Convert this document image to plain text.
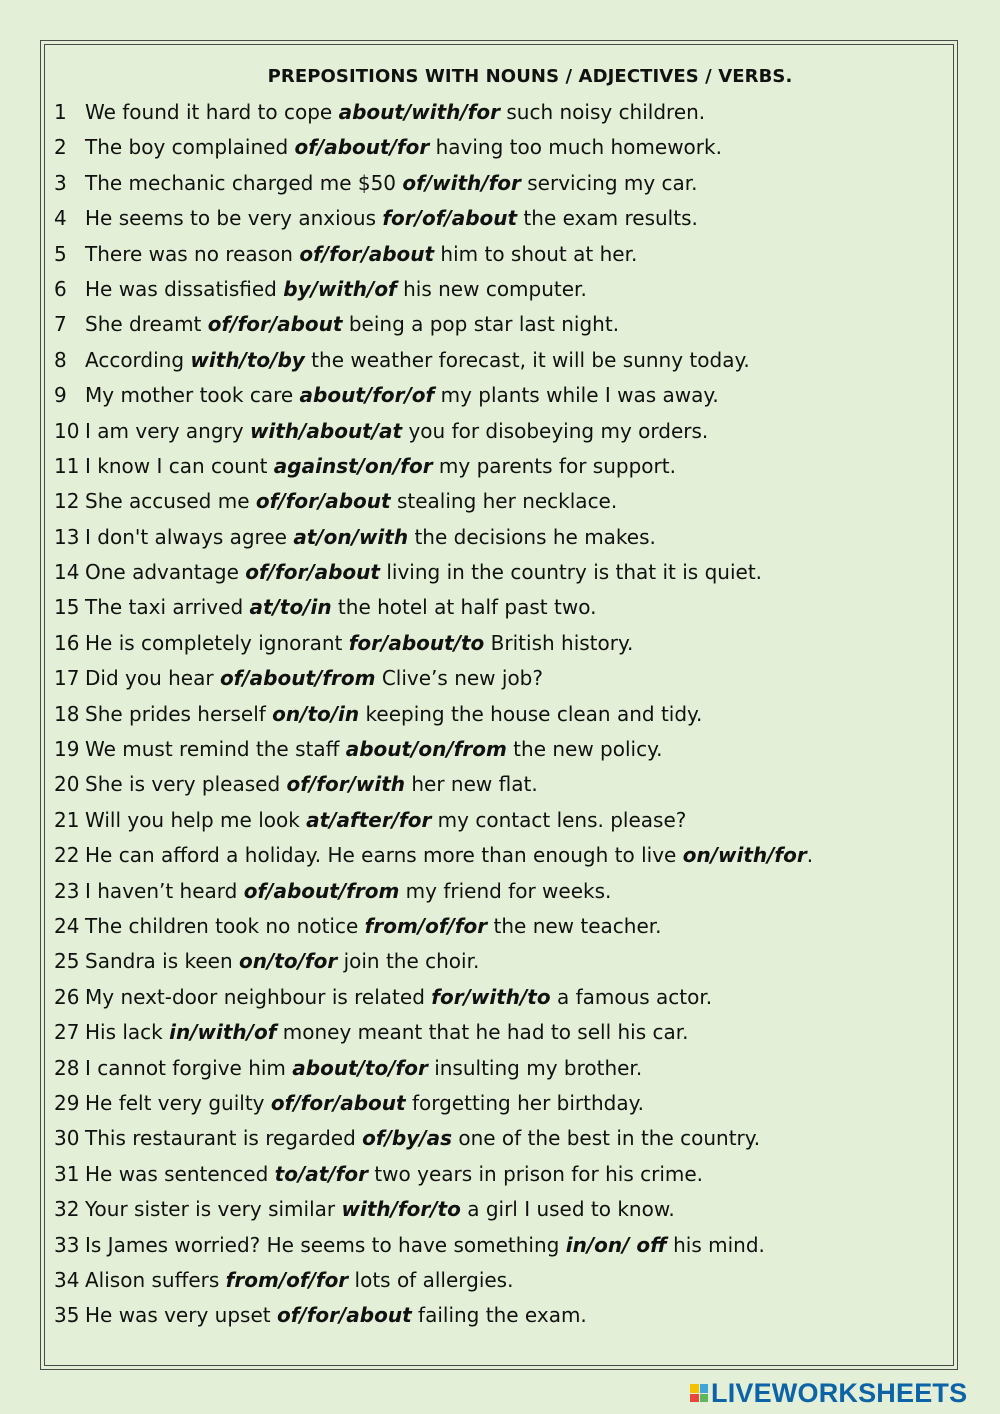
PREPOSITIONS WITH NOUNS / ADJECTIVES / VERBS.
1 We found it hard to cope about/with/for such noisy children.
2 The boy complained of/about/for having too much homework.
3 The mechanic charged me $50 of/with/for servicing my car.
4 He seems to be very anxious for/of/about the exam results.
5 There was no reason of/for/about him to shout at her.
6 He was dissatisfied by/with/of his new computer.
7 She dreamt of/for/about being a pop star last night.
8 According with/to/by the weather forecast, it will be sunny today.
9 My mother took care about/for/of my plants while I was away.
10 I am very angry with/about/at you for disobeying my orders.
11 I know I can count against/on/for my parents for support.
12 She accused me of/for/about stealing her necklace.
13 I don't always agree at/on/with the decisions he makes.
14 One advantage of/for/about living in the country is that it is quiet.
15 The taxi arrived at/to/in the hotel at half past two.
16 He is completely ignorant for/about/to British history.
17 Did you hear of/about/from Clive’s new job?
18 She prides herself on/to/in keeping the house clean and tidy.
19 We must remind the staff about/on/from the new policy.
20 She is very pleased of/for/with her new flat.
21 Will you help me look at/after/for my contact lens. please?
22 He can afford a holiday. He earns more than enough to live on/with/for.
23 I haven’t heard of/about/from my friend for weeks.
24 The children took no notice from/of/for the new teacher.
25 Sandra is keen on/to/for join the choir.
26 My next-door neighbour is related for/with/to a famous actor.
27 His lack in/with/of money meant that he had to sell his car.
28 I cannot forgive him about/to/for insulting my brother.
29 He felt very guilty of/for/about forgetting her birthday.
30 This restaurant is regarded of/by/as one of the best in the country.
31 He was sentenced to/at/for two years in prison for his crime.
32 Your sister is very similar with/for/to a girl I used to know.
33 Is James worried? He seems to have something in/on/ off his mind.
34 Alison suffers from/of/for lots of allergies.
35 He was very upset of/for/about failing the exam.
LIVEWORKSHEETS
